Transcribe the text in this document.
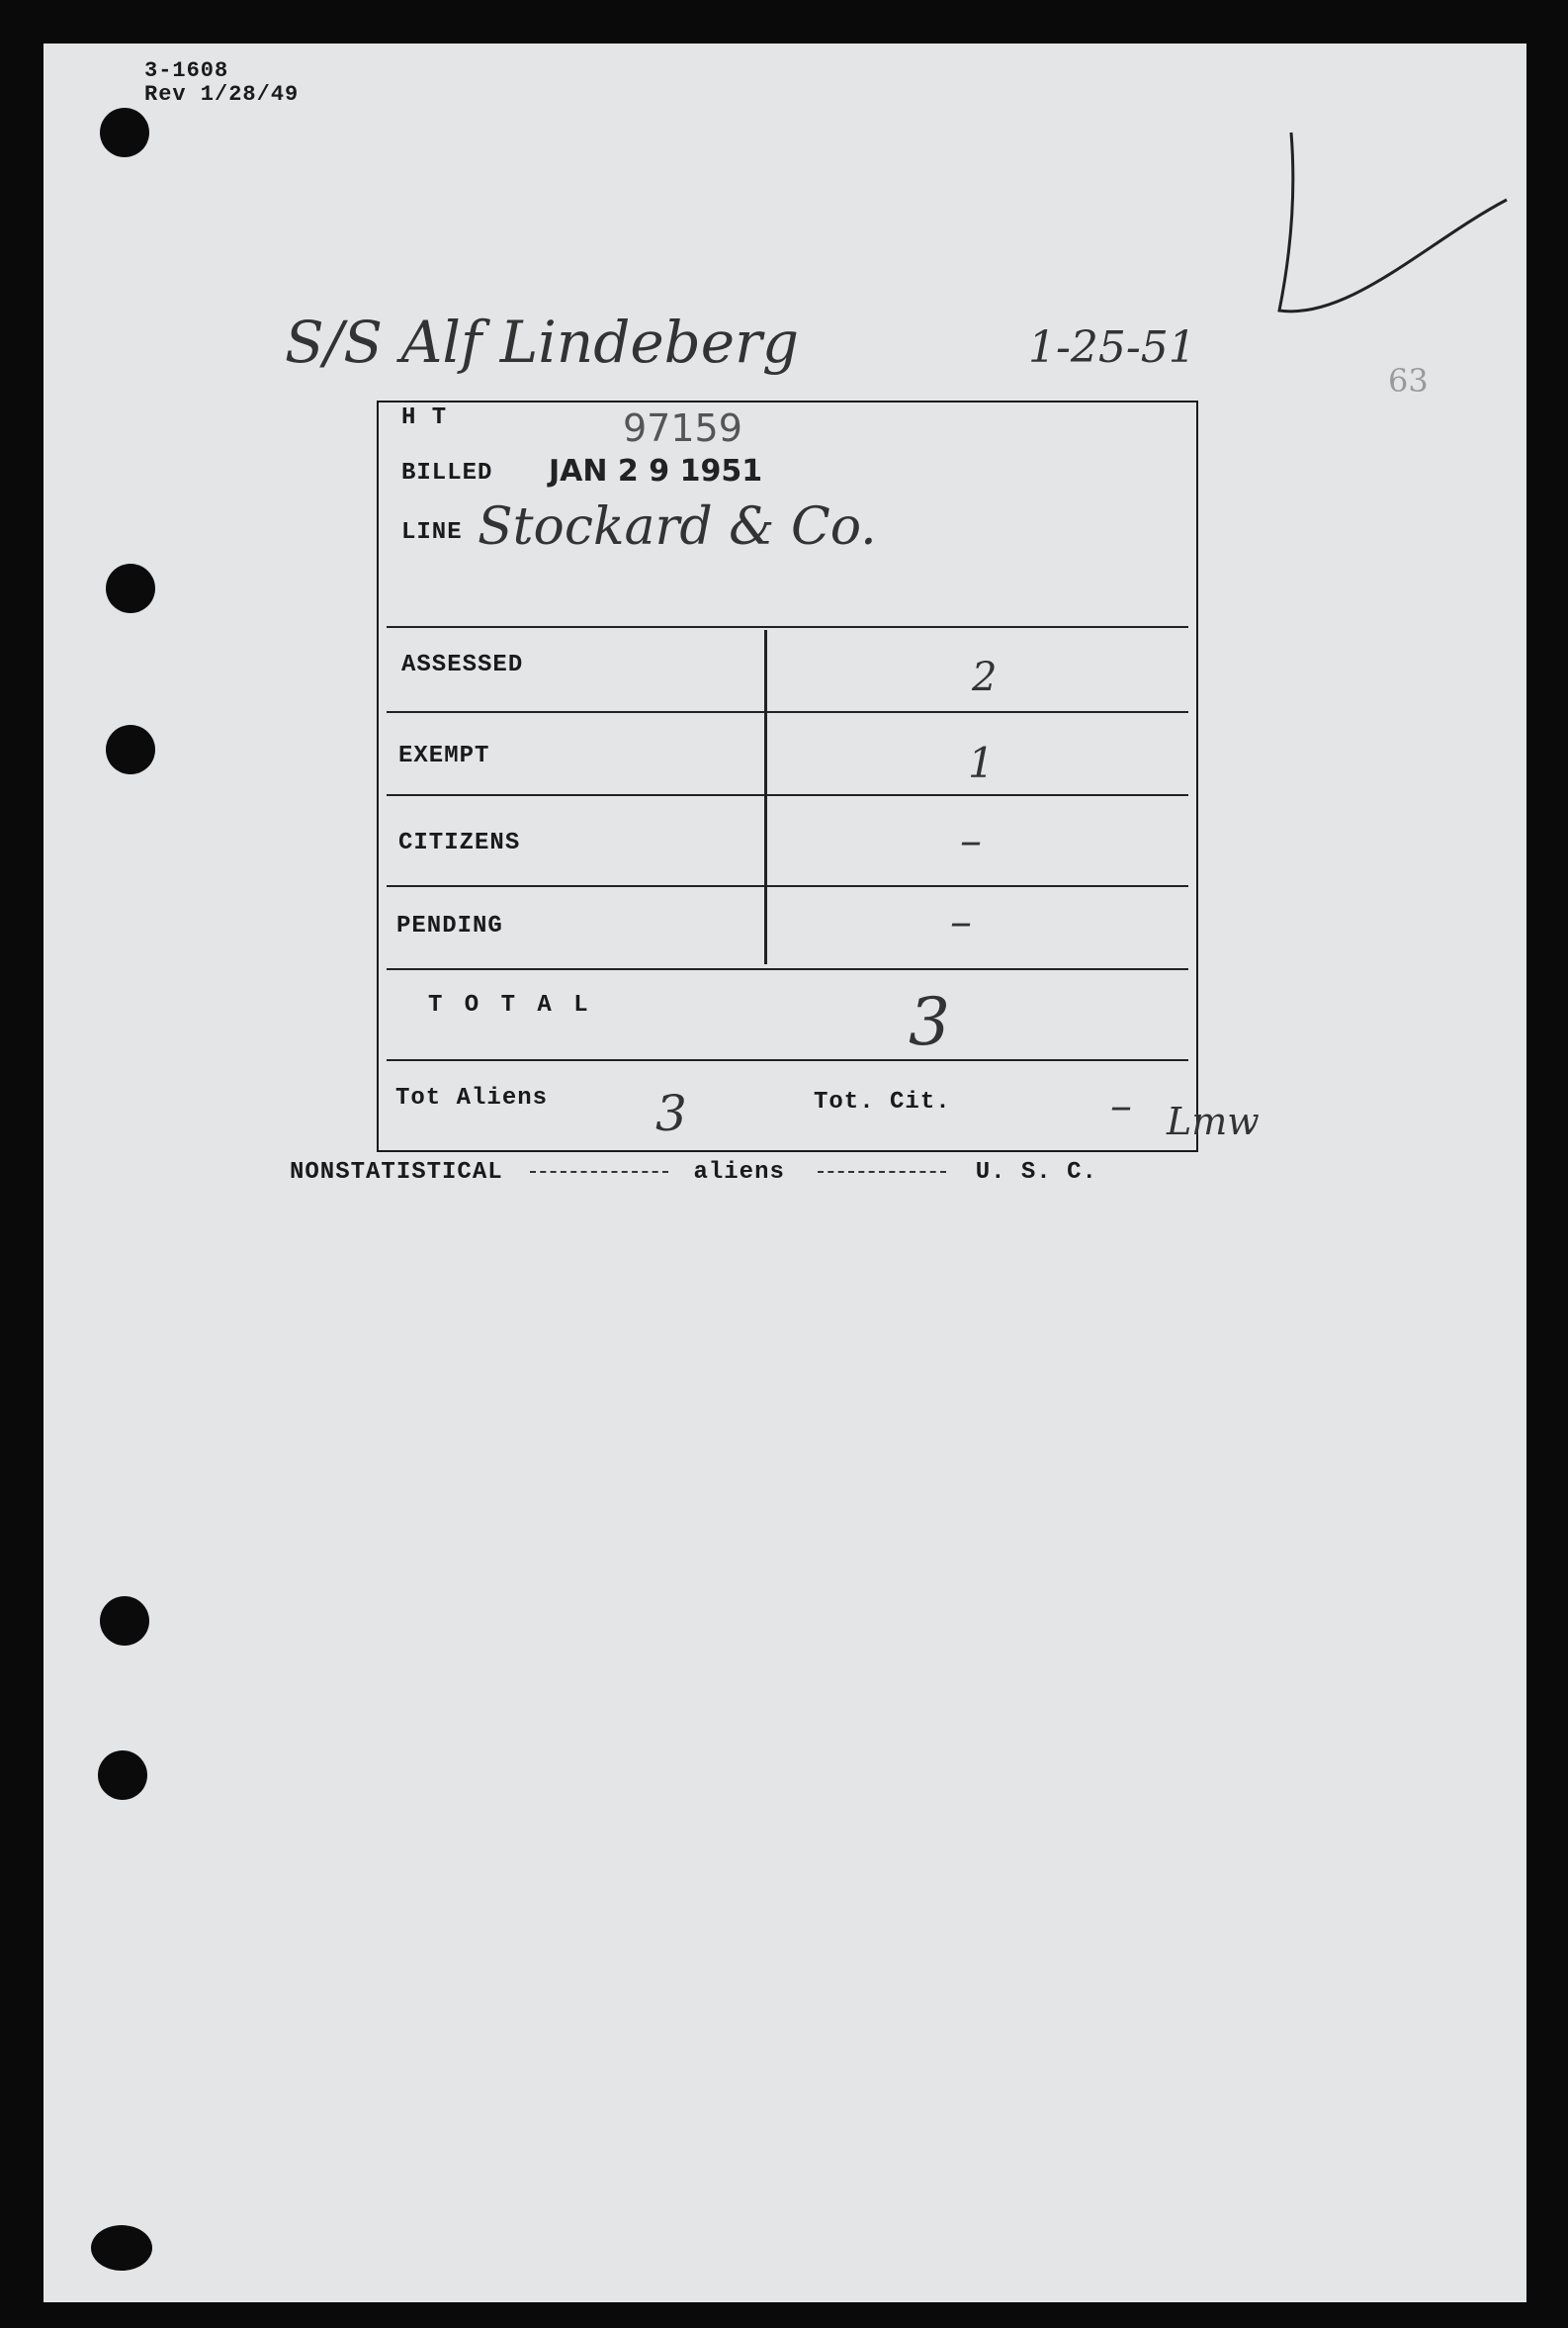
3-1608
Rev 1/28/49
63
S/S Alf Lindeberg	1-25-51
H T	97159
BILLED JAN 2 9 1951
LINE Stockard & Co.
ASSESSED	2
EXEMPT	1
CITIZENS	–
PENDING	–
T O T A L	3
Tot Aliens 3	Tot. Cit.	– Lmw
NONSTATISTICAL	aliens	U. S. C.
